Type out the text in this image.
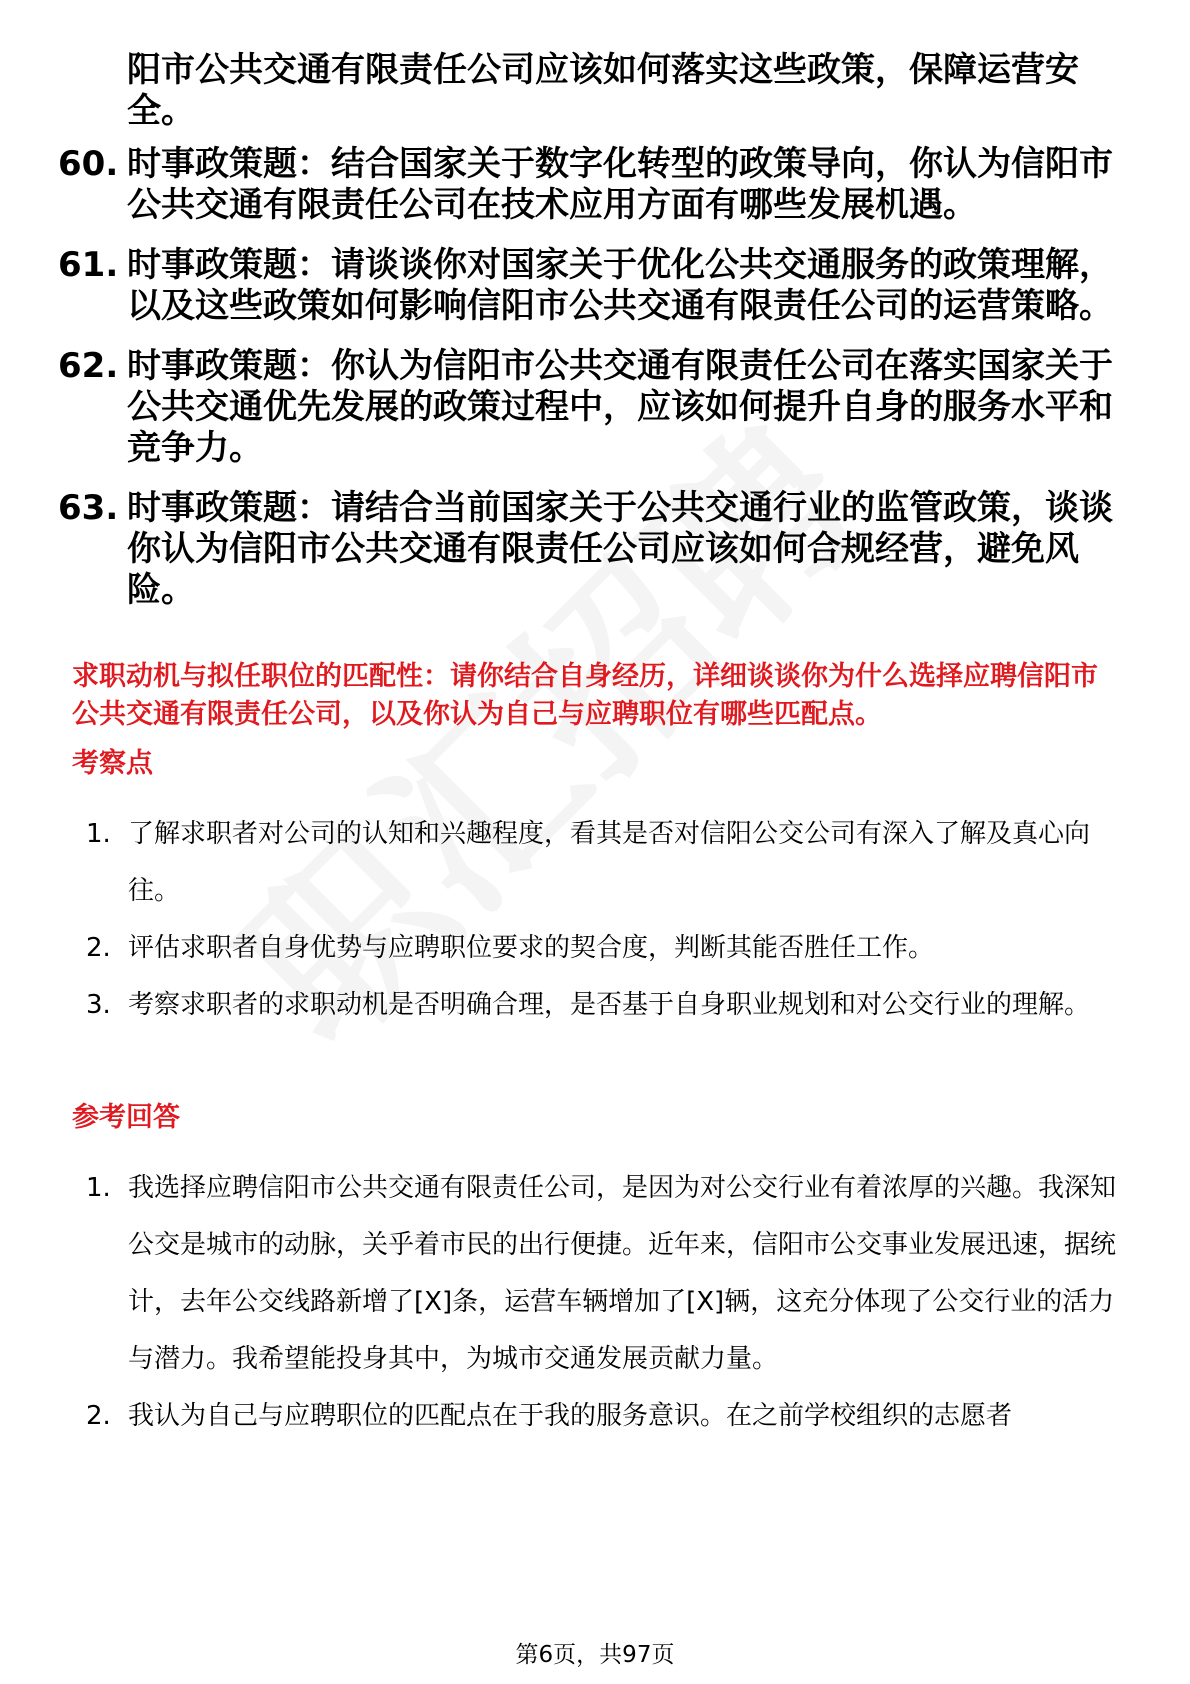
阳市公共交通有限责任公司应该如何落实这些政策，保障运营安全。
60. 时事政策题：结合国家关于数字化转型的政策导向，你认为信阳市公共交通有限责任公司在技术应用方面有哪些发展机遇。
61. 时事政策题：请谈谈你对国家关于优化公共交通服务的政策理解，以及这些政策如何影响信阳市公共交通有限责任公司的运营策略。
62. 时事政策题：你认为信阳市公共交通有限责任公司在落实国家关于公共交通优先发展的政策过程中，应该如何提升自身的服务水平和竞争力。
63. 时事政策题：请结合当前国家关于公共交通行业的监管政策，谈谈你认为信阳市公共交通有限责任公司应该如何合规经营，避免风险。
求职动机与拟任职位的匹配性：请你结合自身经历，详细谈谈你为什么选择应聘信阳市公共交通有限责任公司，以及你认为自己与应聘职位有哪些匹配点。
考察点
1. 了解求职者对公司的认知和兴趣程度，看其是否对信阳公交公司有深入了解及真心向往。
2. 评估求职者自身优势与应聘职位要求的契合度，判断其能否胜任工作。
3. 考察求职者的求职动机是否明确合理，是否基于自身职业规划和对公交行业的理解。
参考回答
1. 我选择应聘信阳市公共交通有限责任公司，是因为对公交行业有着浓厚的兴趣。我深知公交是城市的动脉，关乎着市民的出行便捷。近年来，信阳市公交事业发展迅速，据统计，去年公交线路新增了[X]条，运营车辆增加了[X]辆，这充分体现了公交行业的活力与潜力。我希望能投身其中，为城市交通发展贡献力量。
2. 我认为自己与应聘职位的匹配点在于我的服务意识。在之前学校组织的志愿者
第6页，共97页
